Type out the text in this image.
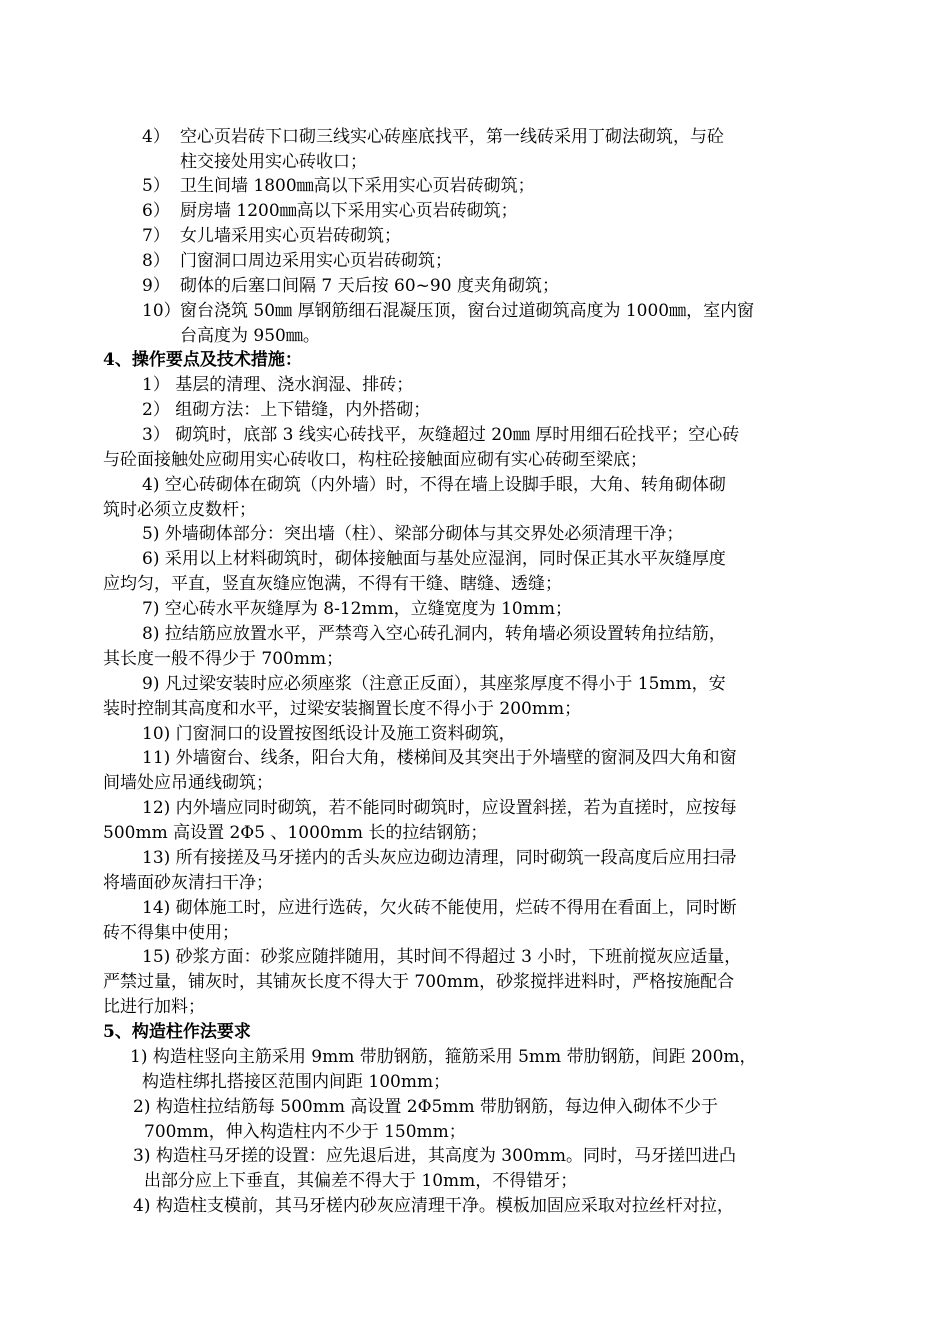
4） 空心页岩砖下口砌三线实心砖座底找平，第一线砖采用丁砌法砌筑，与砼
柱交接处用实心砖收口；
5） 卫生间墙 1800㎜高以下采用实心页岩砖砌筑；
6） 厨房墙 1200㎜高以下采用实心页岩砖砌筑；
7） 女儿墙采用实心页岩砖砌筑；
8） 门窗洞口周边采用实心页岩砖砌筑；
9） 砌体的后塞口间隔 7 天后按 60~90 度夹角砌筑；
10） 窗台浇筑 50㎜ 厚钢筋细石混凝压顶，窗台过道砌筑高度为 1000㎜，室内窗
台高度为 950㎜。
4、操作要点及技术措施：
1） 基层的清理、浇水润湿、排砖；
2） 组砌方法：上下错缝，内外搭砌；
3） 砌筑时，底部 3 线实心砖找平，灰缝超过 20㎜ 厚时用细石砼找平；空心砖
与砼面接触处应砌用实心砖收口，构柱砼接触面应砌有实心砖砌至梁底；
4) 空心砖砌体在砌筑（内外墙）时，不得在墙上设脚手眼，大角、转角砌体砌
筑时必须立皮数杆；
5) 外墙砌体部分：突出墙（柱）、梁部分砌体与其交界处必须清理干净；
6) 采用以上材料砌筑时，砌体接触面与基处应湿润，同时保正其水平灰缝厚度
应均匀，平直，竖直灰缝应饱满，不得有干缝、瞎缝、透缝；
7) 空心砖水平灰缝厚为 8-12mm，立缝宽度为 10mm；
8) 拉结筋应放置水平，严禁弯入空心砖孔洞内，转角墙必须设置转角拉结筋，
其长度一般不得少于 700mm；
9) 凡过梁安装时应必须座浆（注意正反面），其座浆厚度不得小于 15mm，安
装时控制其高度和水平，过梁安装搁置长度不得小于 200mm；
10) 门窗洞口的设置按图纸设计及施工资料砌筑，
11) 外墙窗台、线条，阳台大角，楼梯间及其突出于外墙壁的窗洞及四大角和窗
间墙处应吊通线砌筑；
12) 内外墙应同时砌筑，若不能同时砌筑时，应设置斜搓，若为直搓时，应按每
500mm 高设置 2Φ5 、1000mm 长的拉结钢筋；
13) 所有接搓及马牙搓内的舌头灰应边砌边清理，同时砌筑一段高度后应用扫帚
将墙面砂灰清扫干净；
14) 砌体施工时，应进行选砖，欠火砖不能使用，烂砖不得用在看面上，同时断
砖不得集中使用；
15) 砂浆方面：砂浆应随拌随用，其时间不得超过 3 小时，下班前搅灰应适量，
严禁过量，铺灰时，其铺灰长度不得大于 700mm，砂浆搅拌进料时，严格按施配合
比进行加料；
5、构造柱作法要求
1) 构造柱竖向主筋采用 9mm 带肋钢筋，箍筋采用 5mm 带肋钢筋，间距 200m，
构造柱绑扎搭接区范围内间距 100mm；
2) 构造柱拉结筋每 500mm 高设置 2Φ5mm 带肋钢筋，每边伸入砌体不少于
700mm，伸入构造柱内不少于 150mm；
3) 构造柱马牙搓的设置：应先退后进，其高度为 300mm。同时，马牙搓凹进凸
出部分应上下垂直，其偏差不得大于 10mm，不得错牙；
4) 构造柱支模前，其马牙槎内砂灰应清理干净。模板加固应采取对拉丝杆对拉，
